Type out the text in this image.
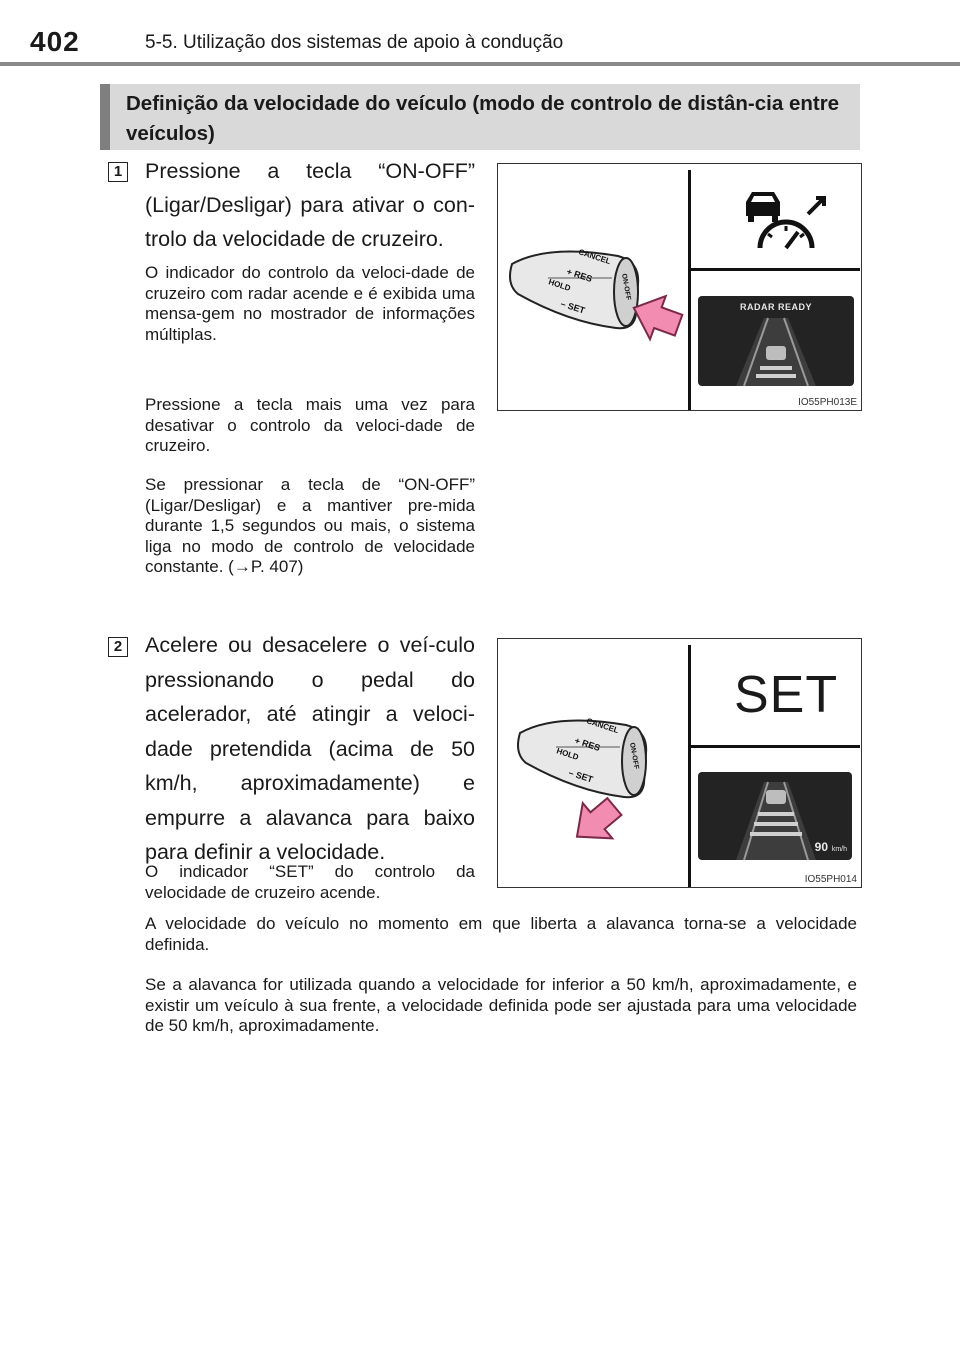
402	5-5. Utilização dos sistemas de apoio à condução
Definição da velocidade do veículo (modo de controlo de distân-cia entre veículos)
1 Pressione a tecla “ON-OFF” (Ligar/Desligar) para ativar o con-trolo da velocidade de cruzeiro.
O indicador do controlo da veloci-dade de cruzeiro com radar acende e é exibida uma mensa-gem no mostrador de informações múltiplas.
Pressione a tecla mais uma vez para desativar o controlo da veloci-dade de cruzeiro.
Se pressionar a tecla de “ON-OFF” (Ligar/Desligar) e a mantiver pre-mida durante 1,5 segundos ou mais, o sistema liga no modo de controlo de velocidade constante. (→P. 407)
RADAR READY
CANCEL
+ RES
HOLD
– SET
ON-OFF
IO55PH013E
2 Acelere ou desacelere o veí-culo pressionando o pedal do acelerador, até atingir a veloci-dade pretendida (acima de 50 km/h, aproximadamente) e empurre a alavanca para baixo para definir a velocidade.
O indicador “SET” do controlo da velocidade de cruzeiro acende.
SET
90 km/h
CANCEL
+ RES
HOLD
– SET
ON-OFF
IO55PH014
A velocidade do veículo no momento em que liberta a alavanca torna-se a velocidade definida.
Se a alavanca for utilizada quando a velocidade for inferior a 50 km/h, aproximadamente, e existir um veículo à sua frente, a velocidade definida pode ser ajustada para uma velocidade de 50 km/h, aproximadamente.
